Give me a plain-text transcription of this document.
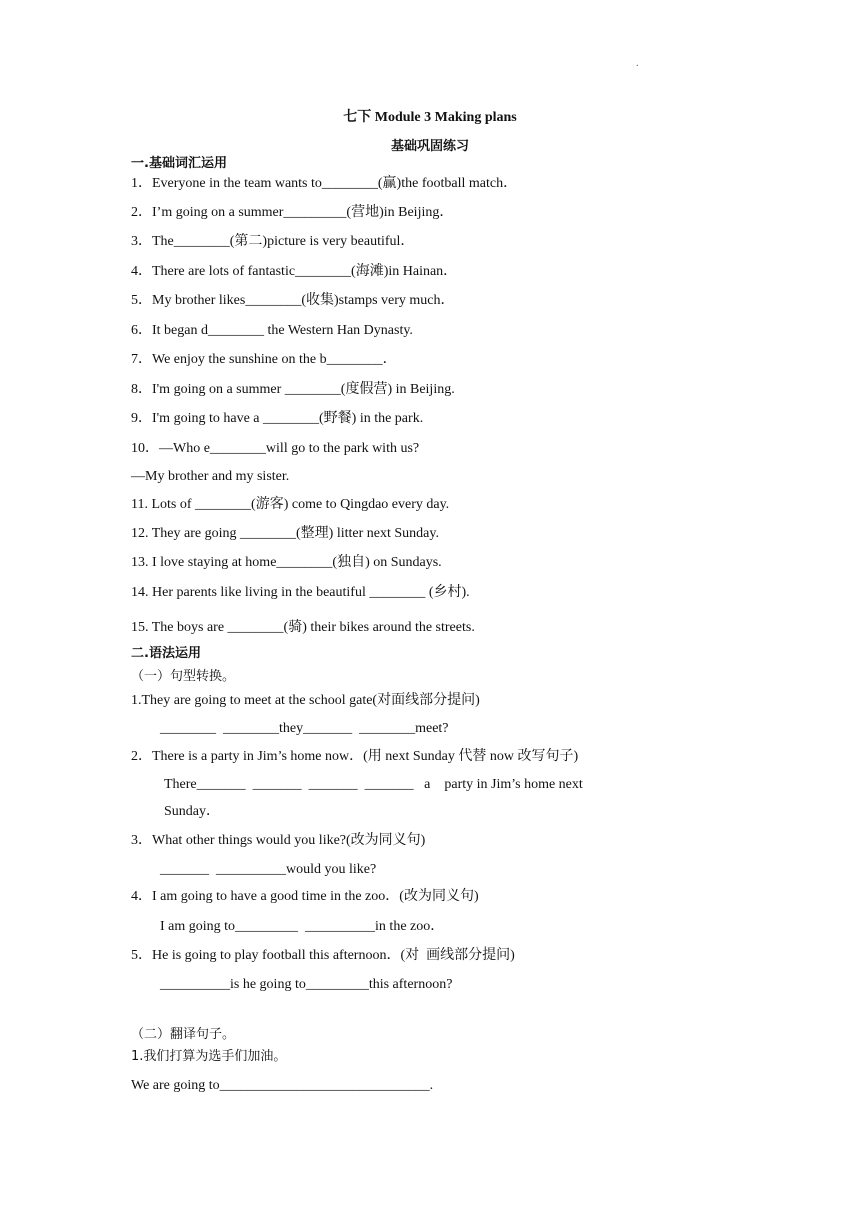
.
七下 Module 3 Making plans
基础巩固练习
一.基础词汇运用
1．Everyone in the team wants to________(赢)the football match．
2．I’m going on a summer_________(营地)in Beijing．
3．The________(第二)picture is very beautiful．
4．There are lots of fantastic________(海滩)in Hainan．
5．My brother likes________(收集)stamps very much．
6．It began d________ the Western Han Dynasty.
7．We enjoy the sunshine on the b________．
8．I'm going on a summer ________(度假营) in Beijing.
9．I'm going to have a ________(野餐) in the park.
10．—Who e________will go to the park with us?
—My brother and my sister.
11. Lots of ________(游客) come to Qingdao every day.
12. They are going ________(整理) litter next Sunday.
13. I love staying at home________(独自) on Sundays.
14. Her parents like living in the beautiful ________ (乡村).
15. The boys are ________(骑) their bikes around the streets.
二.语法运用
（一）句型转换。
1.They are going to meet at the school gate(对面线部分提问)
________  ________they_______  ________meet?
2．There is a party in Jim’s home now．(用 next Sunday 代替 now 改写句子)
There_______  _______  _______  _______   a    party in Jim’s home next
Sunday．
3．What other things would you like?(改为同义句)
_______  __________would you like?
4．I am going to have a good time in the zoo．(改为同义句)
I am going to_________  __________in the zoo．
5．He is going to play football this afternoon．(对  画线部分提问)
__________is he going to_________this afternoon?
（二）翻译句子。
1.我们打算为选手们加油。
We are going to______________________________.
